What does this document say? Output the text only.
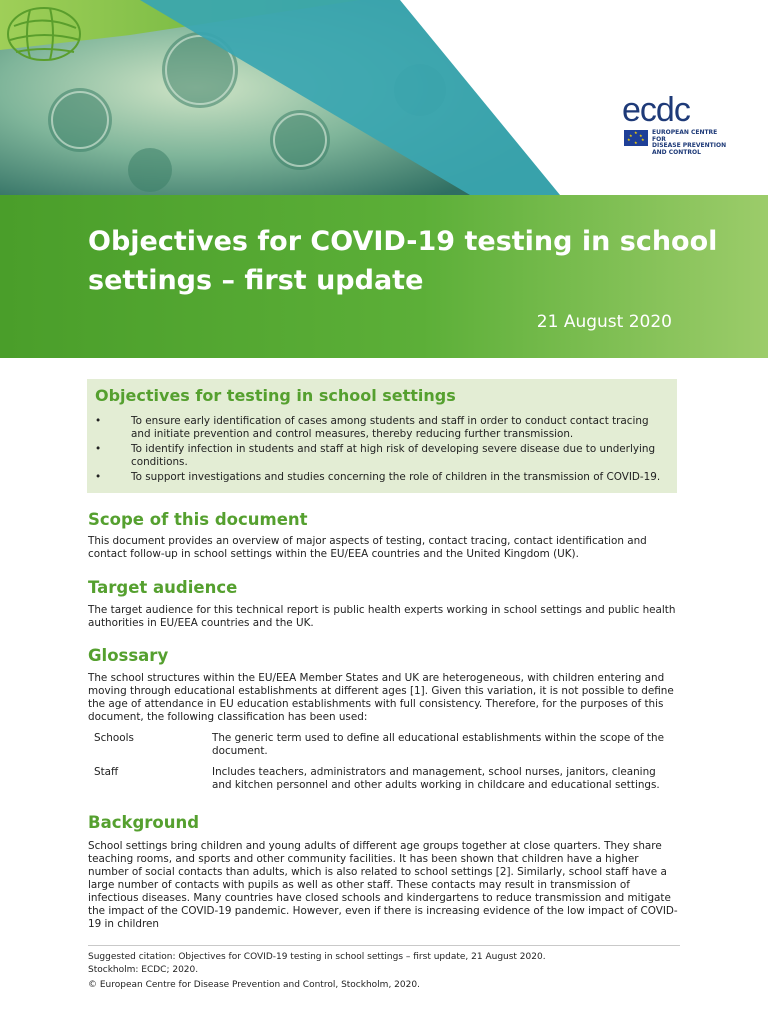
ecdc
★
★ ★
★	★
★
EUROPEAN CENTRE FOR
DISEASE PREVENTION
AND CONTROL
Objectives for COVID-19 testing in school settings – first update
21 August 2020
Objectives for testing in school settings
•	To ensure early identification of cases among students and staff in order to conduct contact tracing and initiate prevention and control measures, thereby reducing further transmission.
•	To identify infection in students and staff at high risk of developing severe disease due to underlying conditions.
•	To support investigations and studies concerning the role of children in the transmission of COVID-19.
Scope of this document

This document provides an overview of major aspects of testing, contact tracing, contact identification and contact follow-up in school settings within the EU/EEA countries and the United Kingdom (UK).

Target audience

The target audience for this technical report is public health experts working in school settings and public health authorities in EU/EEA countries and the UK.

Glossary

The school structures within the EU/EEA Member States and UK are heterogeneous, with children entering and moving through educational establishments at different ages [1]. Given this variation, it is not possible to define the age of attendance in EU education establishments with full consistency. Therefore, for the purposes of this document, the following classification has been used:

Schools	The generic term used to define all educational establishments within the scope of the document.
Staff	Includes teachers, administrators and management, school nurses, janitors, cleaning and kitchen personnel and other adults working in childcare and educational settings.
Background

School settings bring children and young adults of different age groups together at close quarters. They share teaching rooms, and sports and other community facilities. It has been shown that children have a higher number of social contacts than adults, which is also related to school settings [2]. Similarly, school staff have a large number of contacts with pupils as well as other staff. These contacts may result in transmission of infectious diseases. Many countries have closed schools and kindergartens to reduce transmission and mitigate the impact of the COVID-19 pandemic. However, even if there is increasing evidence of the low impact of COVID-19 in children

Suggested citation: Objectives for COVID-19 testing in school settings – first update, 21 August 2020.
Stockholm: ECDC; 2020.
© European Centre for Disease Prevention and Control, Stockholm, 2020.
